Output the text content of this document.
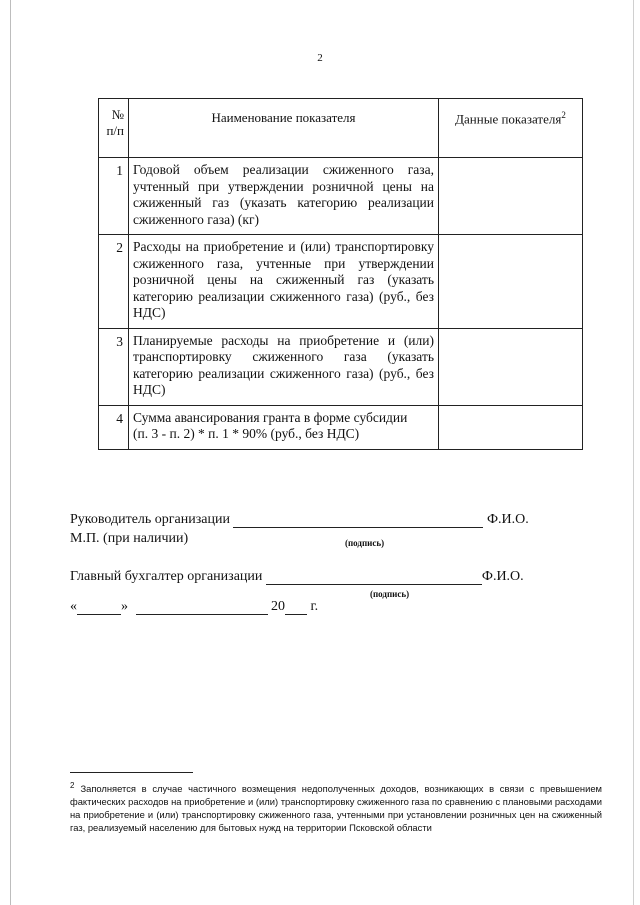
2
№ п/п	Наименование показателя	Данные показателя$^2$
1	Годовой объем реализации сжиженного газа, учтенный при утверждении розничной цены на сжиженный газ (указать категорию реализации сжиженного газа) (кг)	
2	Расходы на приобретение и (или) транспортировку сжиженного газа, учтенные при утверждении розничной цены на сжиженный газ (указать категорию реализации сжиженного газа) (руб., без НДС)	
3	Планируемые расходы на приобретение и (или) транспортировку сжиженного газа (указать категорию реализации сжиженного газа) (руб., без НДС)	
4	Сумма авансирования гранта в форме субсидии
(п. 3 - п. 2) * п. 1 * 90% (руб., без НДС)	
Руководитель организации	Ф.И.О.
М.П. (при наличии)	(подпись)
Главный бухгалтер организации	Ф.И.О.
(подпись)
«	»	20 г.
$^2$ Заполняется в случае частичного возмещения недополученных доходов, возникающих в связи с превышением фактических расходов на приобретение и (или) транспортировку сжиженного газа по сравнению с плановыми расходами на приобретение и (или) транспортировку сжиженного газа, учтенными при установлении розничных цен на сжиженный газ, реализуемый населению для бытовых нужд на территории Псковской области
